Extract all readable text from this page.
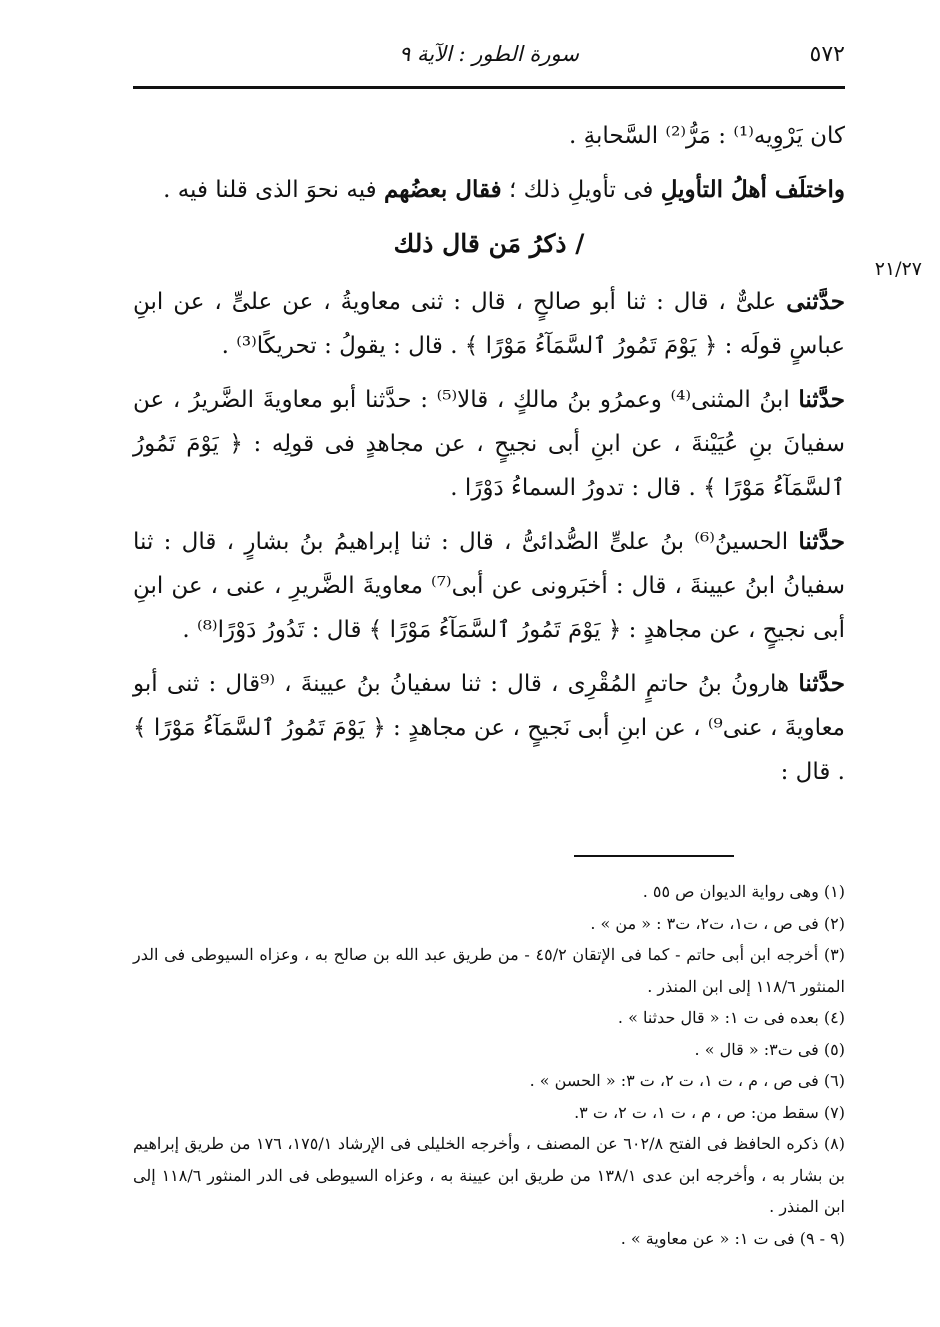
٥٧٢
سورة الطور : الآية ٩
٢١/٢٧

كان يَرْوِيه⁽¹⁾ : مَرُّ⁽²⁾ السَّحابةِ .

واختلَف أهلُ التأويلِ فى تأويلِ ذلك ؛ فقال بعضُهم فيه نحوَ الذى قلنا فيه .

/ ذكرُ مَن قال ذلك

حدَّثنى علىٌّ ، قال : ثنا أبو صالحٍ ، قال : ثنى معاويةُ ، عن علىٍّ ، عن ابنِ عباسٍ قولَه : ﴿ يَوْمَ تَمُورُ ٱلسَّمَآءُ مَوْرًا ﴾ . قال : يقولُ : تحريكًا⁽³⁾ .

حدَّثنا ابنُ المثنى⁽⁴⁾ وعمرُو بنُ مالكٍ ، قالا⁽⁵⁾ : حدَّثنا أبو معاويةَ الضَّريرُ ، عن سفيانَ بنِ عُيَيْنةَ ، عن ابنِ أبى نجيحٍ ، عن مجاهدٍ فى قولِه : ﴿ يَوْمَ تَمُورُ ٱلسَّمَآءُ مَوْرًا ﴾ . قال : تدورُ السماءُ دَوْرًا .

حدَّثنا الحسينُ⁽⁶⁾ بنُ علىٍّ الصُّدائىُّ ، قال : ثنا إبراهيمُ بنُ بشارٍ ، قال : ثنا سفيانُ ابنُ عيينةَ ، قال : أخبَرونى عن أبى⁽⁷⁾ معاويةَ الضَّريرِ ، عنى ، عن ابنِ أبى نجيحٍ ، عن مجاهدٍ : ﴿ يَوْمَ تَمُورُ ٱلسَّمَآءُ مَوْرًا ﴾ قال : تَدُورُ دَوْرًا⁽⁸⁾ .

حدَّثنا هارونُ بنُ حاتمٍ المُقْرِى ، قال : ثنا سفيانُ بنُ عيينةَ ، ⁽⁹قال : ثنى أبو معاويةَ ، عنى⁹⁾ ، عن ابنِ أبى نَجيحٍ ، عن مجاهدٍ : ﴿ يَوْمَ تَمُورُ ٱلسَّمَآءُ مَوْرًا ﴾ . قال :

(١) وهى رواية الديوان ص ٥٥ .

(٢) فى ص ، ت١، ت٢، ت٣ : « من » .

(٣) أخرجه ابن أبى حاتم - كما فى الإتقان ٤٥/٢ - من طريق عبد الله بن صالح به ، وعزاه السيوطى فى الدر المنثور ١١٨/٦ إلى ابن المنذر .

(٤) بعده فى ت ١: « قال حدثنا » .

(٥) فى ت٣: « قال » .

(٦) فى ص ، م ، ت ١، ت ٢، ت ٣: « الحسن » .

(٧) سقط من: ص ، م ، ت ١، ت ٢، ت ٣.

(٨) ذكره الحافظ فى الفتح ٦٠٢/٨ عن المصنف ، وأخرجه الخليلى فى الإرشاد ١٧٥/١، ١٧٦ من طريق إبراهيم بن بشار به ، وأخرجه ابن عدى ١٣٨/١ من طريق ابن عيينة به ، وعزاه السيوطى فى الدر المنثور ١١٨/٦ إلى ابن المنذر .

(٩ - ٩) فى ت ١: « عن معاوية » .
